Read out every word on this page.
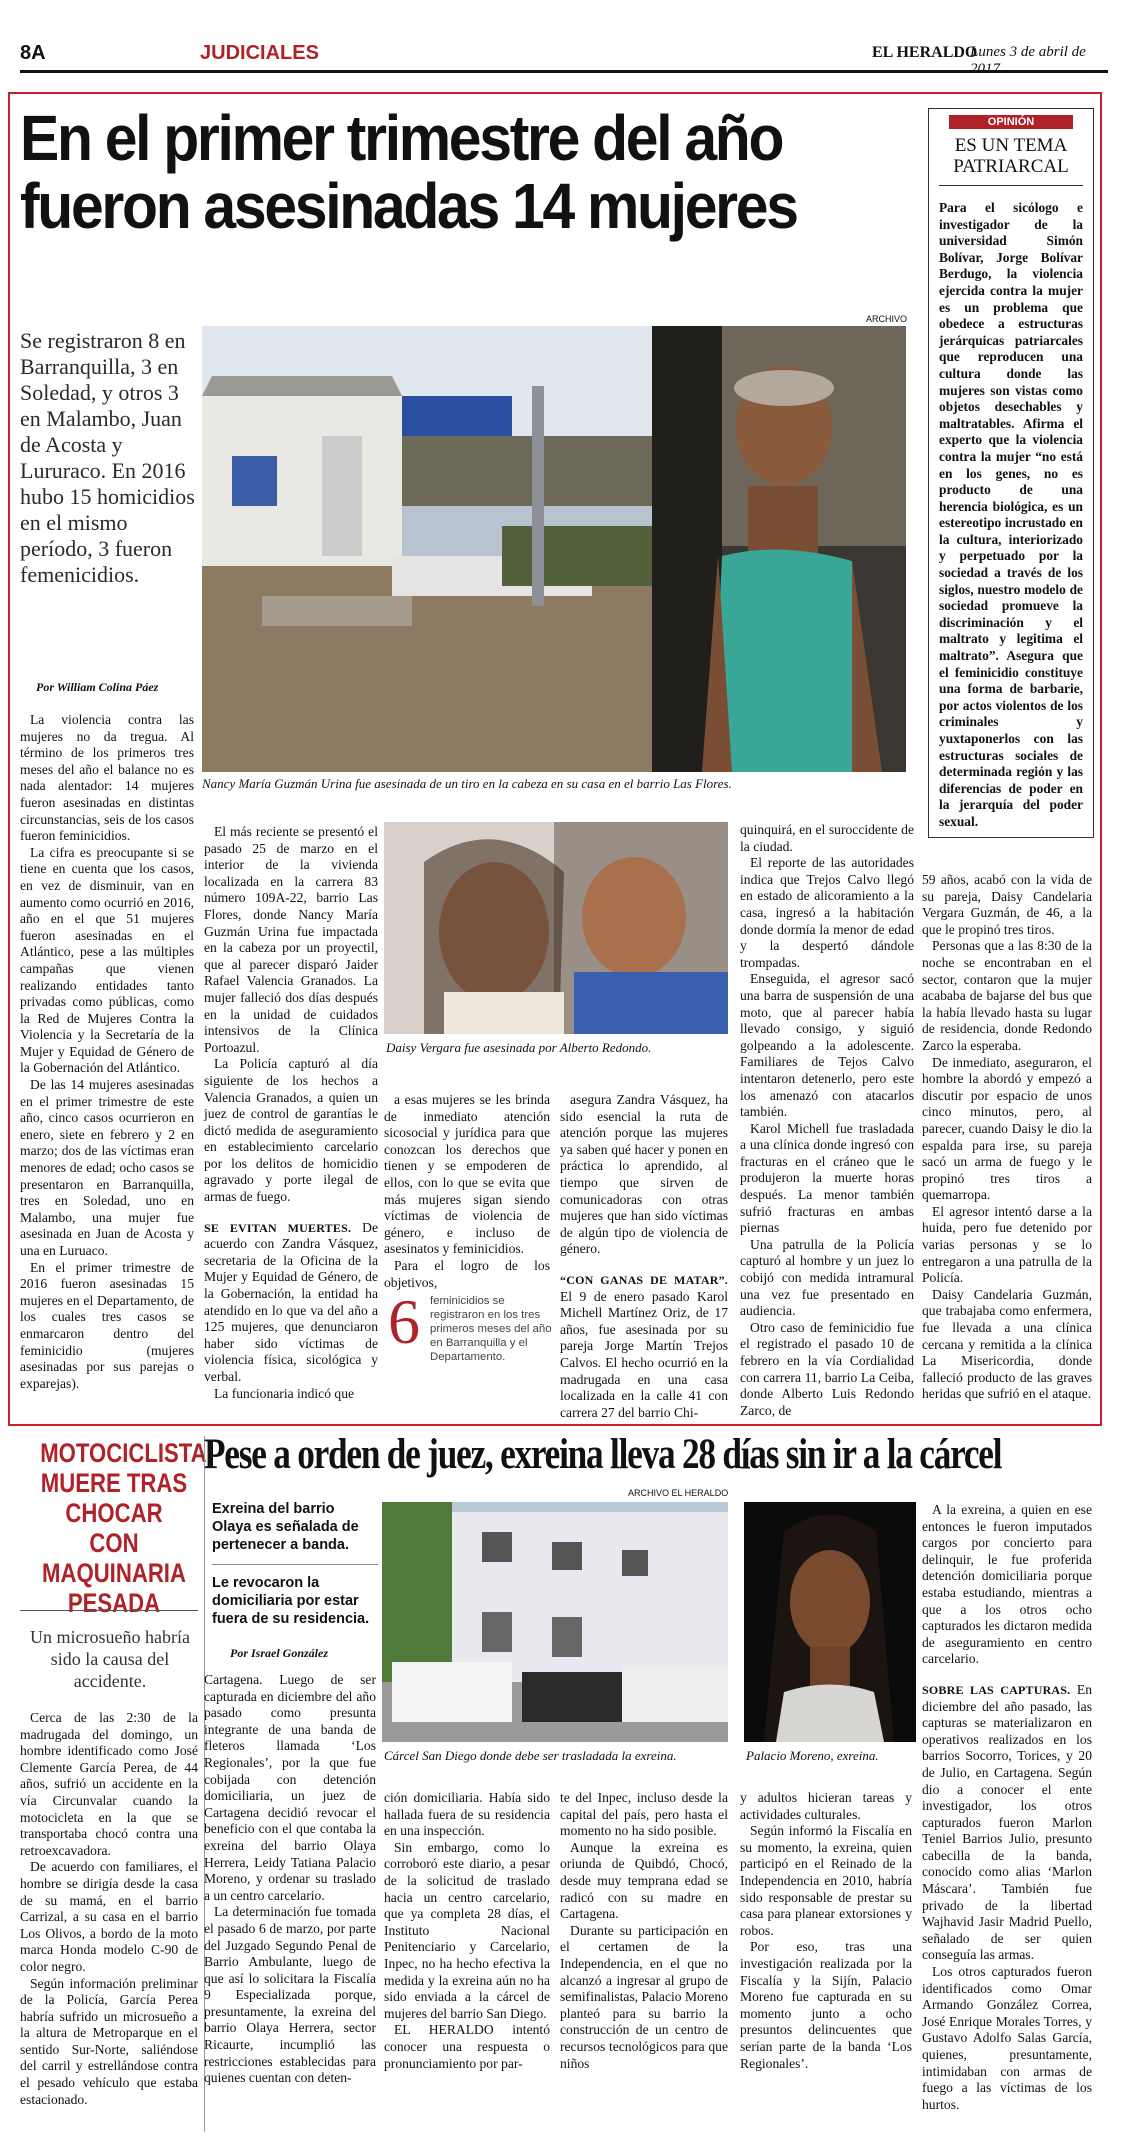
8A	JUDICIALES	EL HERALDO
Lunes 3 de abril de 2017
En el primer trimestre del año
fueron asesinadas 14 mujeres
Se registraron 8 en Barranquilla, 3 en Soledad, y otros 3 en Malambo, Juan de Acosta y Lururaco. En 2016 hubo 15 homicidios en el mismo período, 3 fueron femenicidios.
Por William Colina Páez
ARCHIVO
Nancy María Guzmán Urina fue asesinada de un tiro en la cabeza en su casa en el barrio Las Flores.
OPINIÓN
ES UN TEMA PATRIARCAL
Para el sicólogo e investigador de la universidad Simón Bolívar, Jorge Bolívar Berdugo, la violencia ejercida contra la mujer es un problema que obedece a estructuras jerárquicas patriarcales que reproducen una cultura donde las mujeres son vistas como objetos desechables y maltratables. Afirma el experto que la violencia contra la mujer “no está en los genes, no es producto de una herencia biológica, es un estereotipo incrustado en la cultura, interiorizado y perpetuado por la sociedad a través de los siglos, nuestro modelo de sociedad promueve la discriminación y el maltrato y legitima el maltrato”. Asegura que el feminicidio constituye una forma de barbarie, por actos violentos de los criminales y yuxtaponerlos con las estructuras sociales de determinada región y las diferencias de poder en la jerarquía del poder sexual.

La violencia contra las mujeres no da tregua. Al término de los primeros tres meses del año el balance no es nada alentador: 14 mujeres fueron asesinadas en distintas circunstancias, seis de los casos fueron feminicidios.

La cifra es preocupante si se tiene en cuenta que los casos, en vez de disminuir, van en aumento como ocurrió en 2016, año en el que 51 mujeres fueron asesinadas en el Atlántico, pese a las múltiples campañas que vienen realizando entidades tanto privadas como públicas, como la Red de Mujeres Contra la Violencia y la Secretaría de la Mujer y Equidad de Género de la Gobernación del Atlántico.

De las 14 mujeres asesinadas en el primer trimestre de este año, cinco casos ocurrieron en enero, siete en febrero y 2 en marzo; dos de las víctimas eran menores de edad; ocho casos se presentaron en Barranquilla, tres en Soledad, uno en Malambo, una mujer fue asesinada en Juan de Acosta y una en Luruaco.

En el primer trimestre de 2016 fueron asesinadas 15 mujeres en el Departamento, de los cuales tres casos se enmarcaron dentro del feminicidio (mujeres asesinadas por sus parejas o exparejas).

El más reciente se presentó el pasado 25 de marzo en el interior de la vivienda localizada en la carrera 83 número 109A-22, barrio Las Flores, donde Nancy María Guzmán Urina fue impactada en la cabeza por un proyectil, que al parecer disparó Jaider Rafael Valencia Granados. La mujer falleció dos días después en la unidad de cuidados intensivos de la Clínica Portoazul.

La Policía capturó al día siguiente de los hechos a Valencia Granados, a quien un juez de control de garantías le dictó medida de aseguramiento en establecimiento carcelario por los delitos de homicidio agravado y porte ilegal de armas de fuego.

SE EVITAN MUERTES. De acuerdo con Zandra Vásquez, secretaria de la Oficina de la Mujer y Equidad de Género, de la Gobernación, la entidad ha atendido en lo que va del año a 125 mujeres, que denunciaron haber sido víctimas de violencia física, sicológica y verbal.

La funcionaria indicó que

Daisy Vergara fue asesinada por Alberto Redondo.

a esas mujeres se les brinda de inmediato atención sicosocial y jurídica para que conozcan los derechos que tienen y se empoderen de ellos, con lo que se evita que más mujeres sigan siendo víctimas de violencia de género, e incluso de asesinatos y feminicidios.

Para el logro de los objetivos,

6 feminicidios se registraron en los tres primeros meses del año en Barranquilla y el Departamento.

asegura Zandra Vásquez, ha sido esencial la ruta de atención porque las mujeres ya saben qué hacer y ponen en práctica lo aprendido, al tiempo que sirven de comunicadoras con otras mujeres que han sido víctimas de algún tipo de violencia de género.

“CON GANAS DE MATAR”. El 9 de enero pasado Karol Michell Martínez Oriz, de 17 años, fue asesinada por su pareja Jorge Martín Trejos Calvos. El hecho ocurrió en la madrugada en una casa localizada en la calle 41 con carrera 27 del barrio Chi-

quinquirá, en el suroccidente de la ciudad.

El reporte de las autoridades indica que Trejos Calvo llegó en estado de alicoramiento a la casa, ingresó a la habitación donde dormía la menor de edad y la despertó dándole trompadas.

Enseguida, el agresor sacó una barra de suspensión de una moto, que al parecer había llevado consigo, y siguió golpeando a la adolescente. Familiares de Tejos Calvo intentaron detenerlo, pero este los amenazó con atacarlos también.

Karol Michell fue trasladada a una clínica donde ingresó con fracturas en el cráneo que le produjeron la muerte horas después. La menor también sufrió fracturas en ambas piernas

Una patrulla de la Policía capturó al hombre y un juez lo cobijó con medida intramural una vez fue presentado en audiencia.

Otro caso de feminicidio fue el registrado el pasado 10 de febrero en la vía Cordialidad con carrera 11, barrio La Ceiba, donde Alberto Luis Redondo Zarco, de

59 años, acabó con la vida de su pareja, Daisy Candelaria Vergara Guzmán, de 46, a la que le propinó tres tiros.

Personas que a las 8:30 de la noche se encontraban en el sector, contaron que la mujer acababa de bajarse del bus que la había llevado hasta su lugar de residencia, donde Redondo Zarco la esperaba.

De inmediato, aseguraron, el hombre la abordó y empezó a discutir por espacio de unos cinco minutos, pero, al parecer, cuando Daisy le dio la espalda para irse, su pareja sacó un arma de fuego y le propinó tres tiros a quemarropa.

El agresor intentó darse a la huida, pero fue detenido por varias personas y se lo entregaron a una patrulla de la Policía.

Daisy Candelaria Guzmán, que trabajaba como enfermera, fue llevada a una clínica cercana y remitida a la clínica La Misericordia, donde falleció producto de las graves heridas que sufrió en el ataque.

MOTOCICLISTA MUERE TRAS CHOCAR CON MAQUINARIA PESADA
Un microsueño habría sido la causa del accidente.

Cerca de las 2:30 de la madrugada del domingo, un hombre identificado como José Clemente García Perea, de 44 años, sufrió un accidente en la vía Circunvalar cuando la motocicleta en la que se transportaba chocó contra una retroexcavadora.

De acuerdo con familiares, el hombre se dirigía desde la casa de su mamá, en el barrio Carrizal, a su casa en el barrio Los Olivos, a bordo de la moto marca Honda modelo C-90 de color negro.

Según información preliminar de la Policía, García Perea habría sufrido un microsueño a la altura de Metroparque en el sentido Sur-Norte, saliéndose del carril y estrellándose contra el pesado vehículo que estaba estacionado.

Pese a orden de juez, exreina lleva 28 días sin ir a la cárcel
Exreina del barrio Olaya es señalada de pertenecer a banda.
Le revocaron la domiciliaria por estar fuera de su residencia.
Por Israel González
ARCHIVO EL HERALDO
Cárcel San Diego donde debe ser trasladada la exreina.	Palacio Moreno, exreina.

Cartagena. Luego de ser capturada en diciembre del año pasado como presunta integrante de una banda de fleteros llamada ‘Los Regionales’, por la que fue cobijada con detención domiciliaria, un juez de Cartagena decidió revocar el beneficio con el que contaba la exreina del barrio Olaya Herrera, Leidy Tatiana Palacio Moreno, y ordenar su traslado a un centro carcelario.

La determinación fue tomada el pasado 6 de marzo, por parte del Juzgado Segundo Penal de Barrio Ambulante, luego de que así lo solicitara la Fiscalía 9 Especializada porque, presuntamente, la exreina del barrio Olaya Herrera, sector Ricaurte, incumplió las restricciones establecidas para quienes cuentan con deten-

ción domiciliaria. Había sido hallada fuera de su residencia en una inspección.

Sin embargo, como lo corroboró este diario, a pesar de la solicitud de traslado hacia un centro carcelario, que ya completa 28 días, el Instituto Nacional Penitenciario y Carcelario, Inpec, no ha hecho efectiva la medida y la exreina aún no ha sido enviada a la cárcel de mujeres del barrio San Diego.

EL HERALDO intentó conocer una respuesta o pronunciamiento por par-

te del Inpec, incluso desde la capital del país, pero hasta el momento no ha sido posible.

Aunque la exreina es oriunda de Quibdó, Chocó, desde muy temprana edad se radicó con su madre en Cartagena.

Durante su participación en el certamen de la Independencia, en el que no alcanzó a ingresar al grupo de semifinalistas, Palacio Moreno planteó para su barrio la construcción de un centro de recursos tecnológicos para que niños

y adultos hicieran tareas y actividades culturales.

Según informó la Fiscalía en su momento, la exreina, quien participó en el Reinado de la Independencia en 2010, habría sido responsable de prestar su casa para planear extorsiones y robos.

Por eso, tras una investigación realizada por la Fiscalía y la Sijín, Palacio Moreno fue capturada en su momento junto a ocho presuntos delincuentes que serían parte de la banda ‘Los Regionales’.

A la exreina, a quien en ese entonces le fueron imputados cargos por concierto para delinquir, le fue proferida detención domiciliaria porque estaba estudiando, mientras a que a los otros ocho capturados les dictaron medida de aseguramiento en centro carcelario.

SOBRE LAS CAPTURAS. En diciembre del año pasado, las capturas se materializaron en operativos realizados en los barrios Socorro, Torices, y 20 de Julio, en Cartagena. Según dio a conocer el ente investigador, los otros capturados fueron Marlon Teniel Barrios Julio, presunto cabecilla de la banda, conocido como alias ‘Marlon Máscara’. También fue privado de la libertad Wajhavid Jasir Madrid Puello, señalado de ser quien conseguía las armas.

Los otros capturados fueron identificados como Omar Armando González Correa, José Enrique Morales Torres, y Gustavo Adolfo Salas García, quienes, presuntamente, intimidaban con armas de fuego a las víctimas de los hurtos.
